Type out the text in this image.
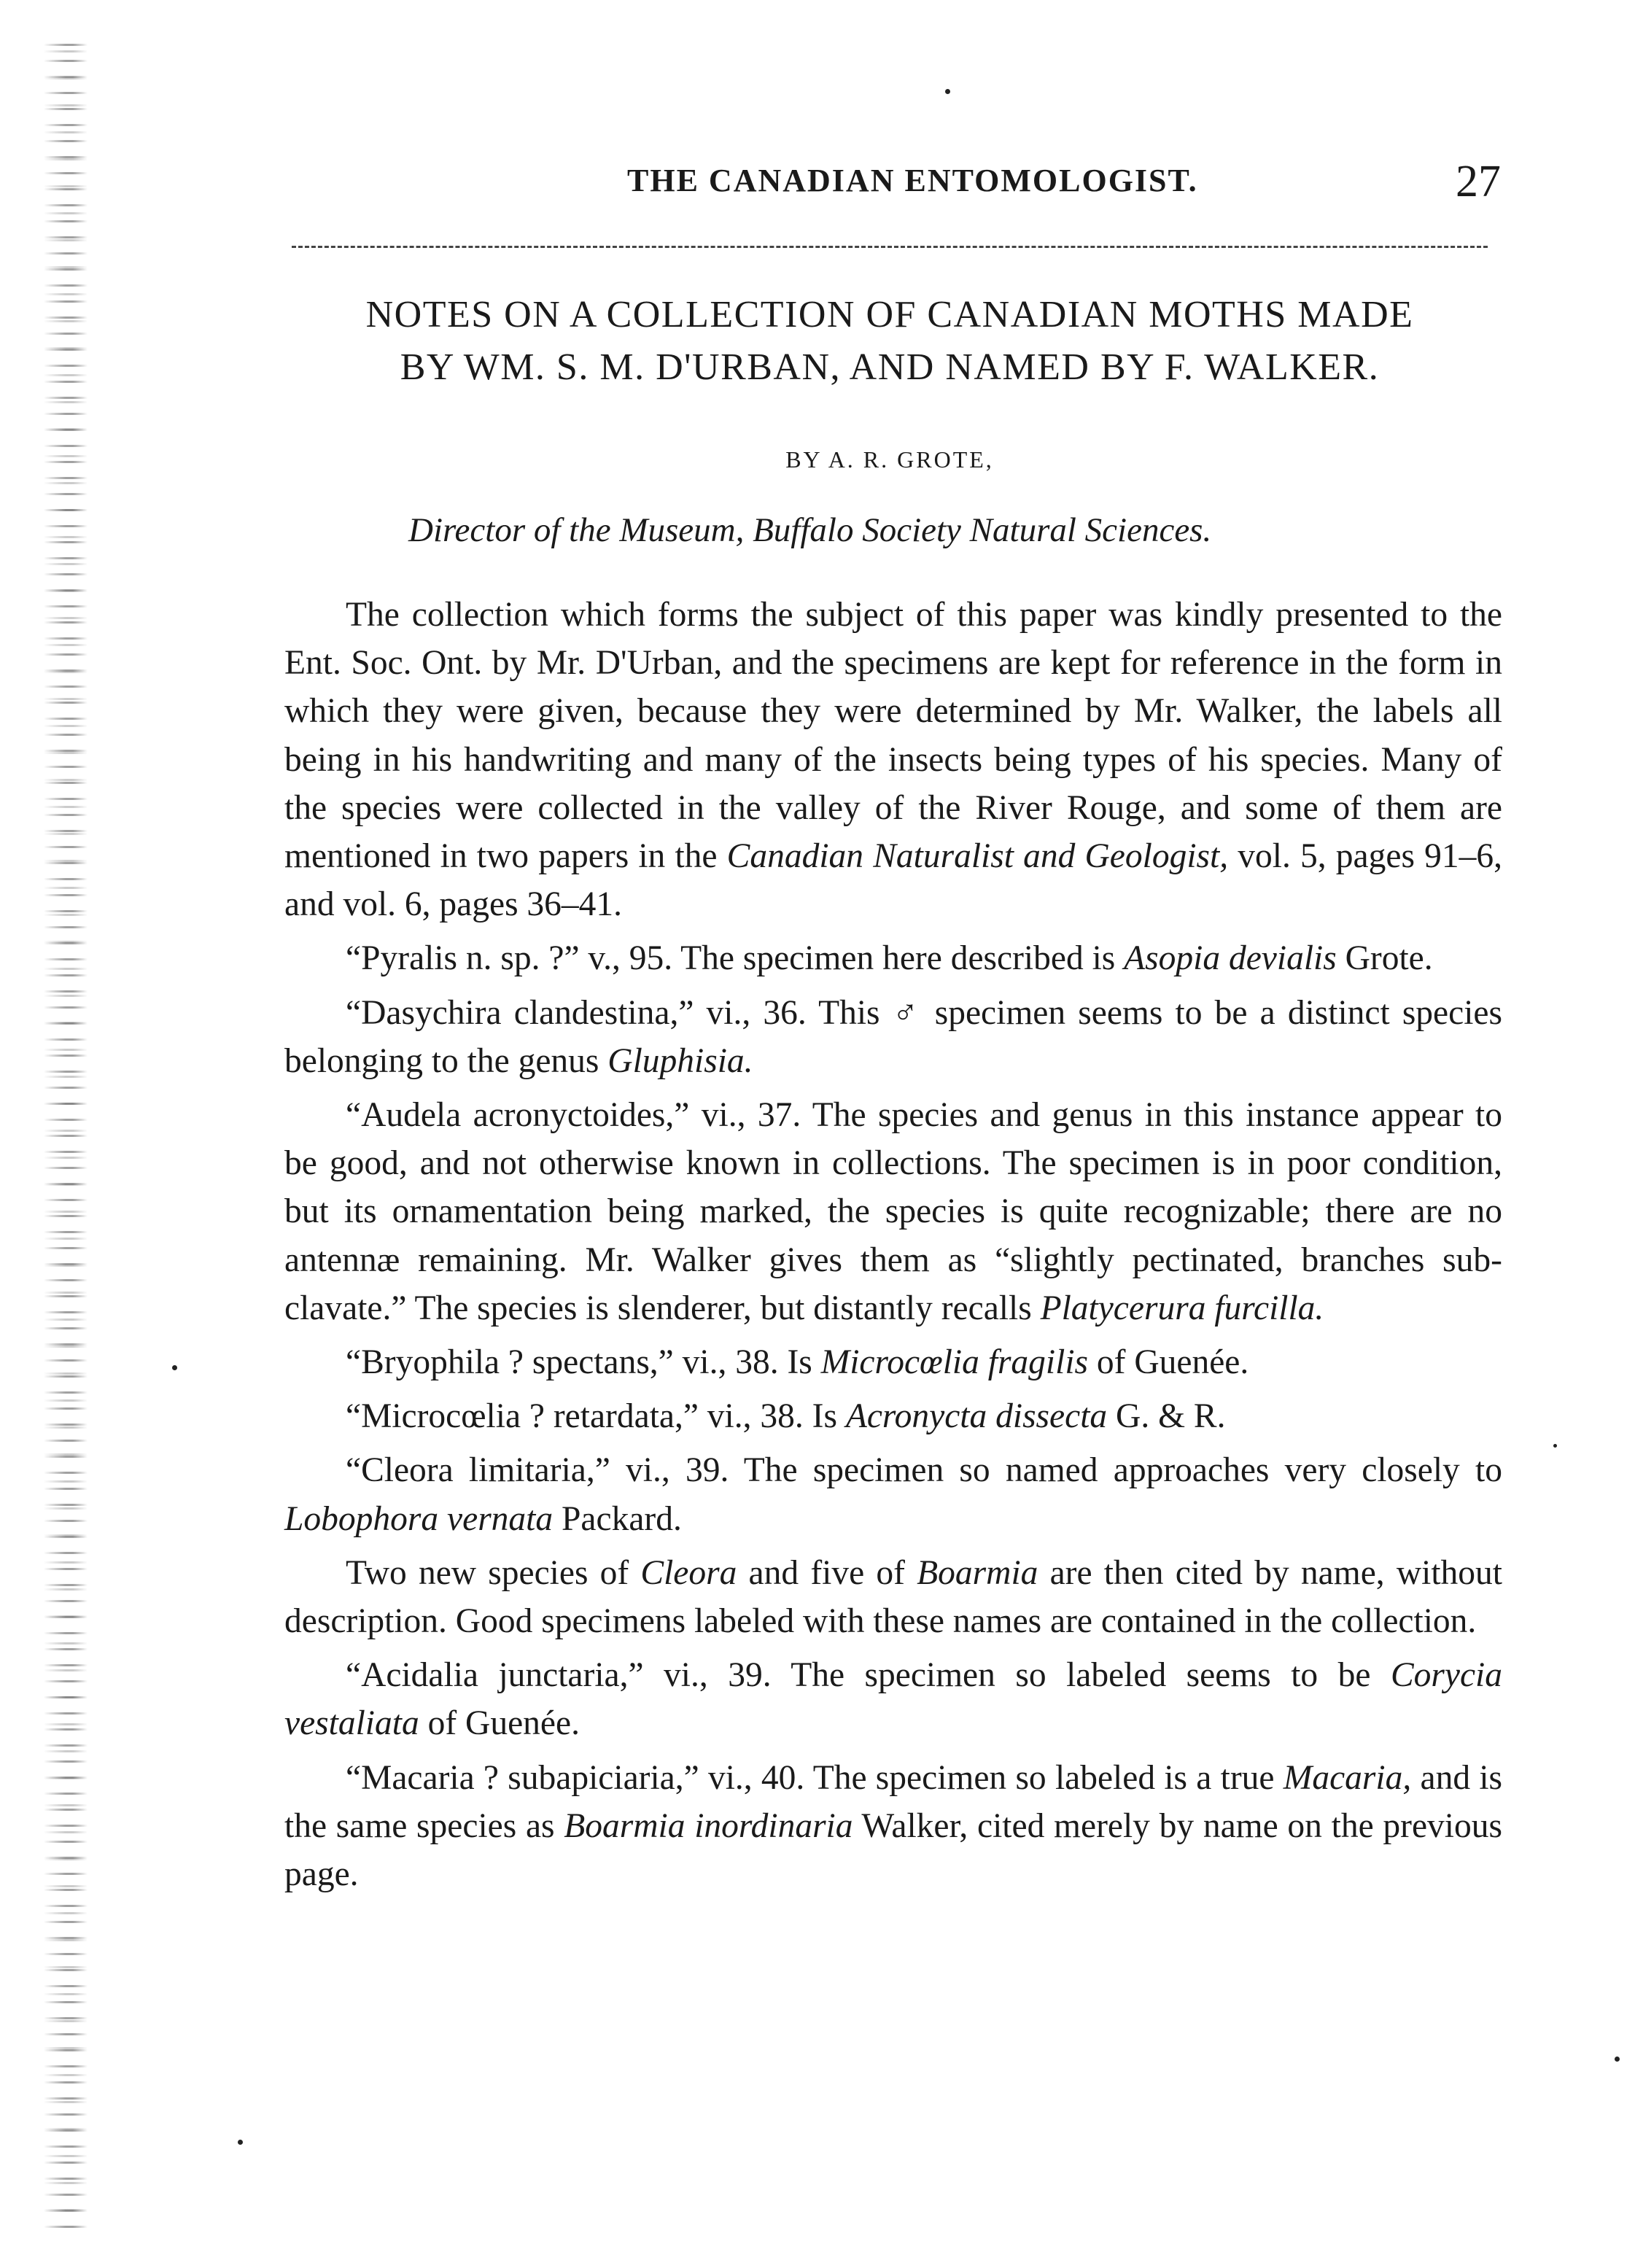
THE CANADIAN ENTOMOLOGIST.	27
NOTES ON A COLLECTION OF CANADIAN MOTHS MADE
BY WM. S. M. D'URBAN, AND NAMED BY F. WALKER.
BY A. R. GROTE,
Director of the Museum, Buffalo Society Natural Sciences.

The collection which forms the subject of this paper was kindly presented to the Ent. Soc. Ont. by Mr. D'Urban, and the specimens are kept for reference in the form in which they were given, because they were determined by Mr. Walker, the labels all being in his handwriting and many of the insects being types of his species. Many of the species were collected in the valley of the River Rouge, and some of them are mentioned in two papers in the Canadian Naturalist and Geologist, vol. 5, pages 91–6, and vol. 6, pages 36–41.

“Pyralis n. sp. ?” v., 95. The specimen here described is Asopia devialis Grote.

“Dasychira clandestina,” vi., 36. This ♂ specimen seems to be a distinct species belonging to the genus Gluphisia.

“Audela acronyctoides,” vi., 37. The species and genus in this instance appear to be good, and not otherwise known in collections. The specimen is in poor condition, but its ornamentation being marked, the species is quite recognizable; there are no antennæ remaining. Mr. Walker gives them as “slightly pectinated, branches sub-clavate.” The species is slenderer, but distantly recalls Platycerura furcilla.

“Bryophila ? spectans,” vi., 38. Is Microcœlia fragilis of Guenée.

“Microcœlia ? retardata,” vi., 38. Is Acronycta dissecta G. & R.

“Cleora limitaria,” vi., 39. The specimen so named approaches very closely to Lobophora vernata Packard.

Two new species of Cleora and five of Boarmia are then cited by name, without description. Good specimens labeled with these names are contained in the collection.

“Acidalia junctaria,” vi., 39. The specimen so labeled seems to be Corycia vestaliata of Guenée.

“Macaria ? subapiciaria,” vi., 40. The specimen so labeled is a true Macaria, and is the same species as Boarmia inordinaria Walker, cited merely by name on the previous page.
